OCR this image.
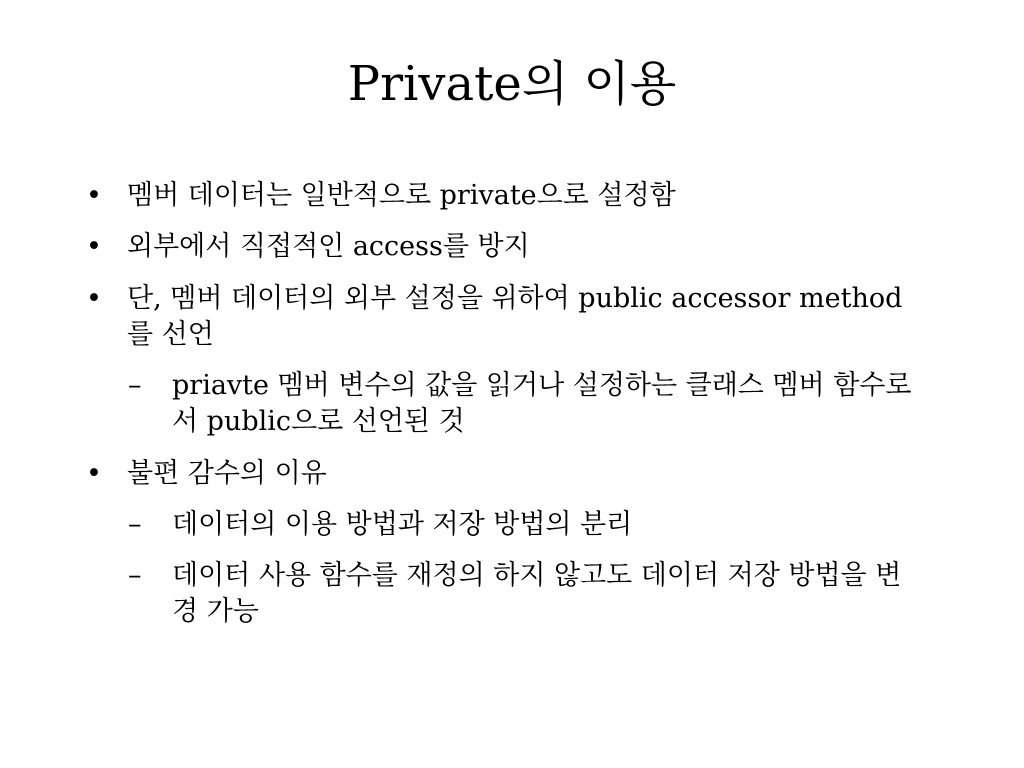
Private의 이용
• 멤버 데이터는 일반적으로 private으로 설정함
• 외부에서 직접적인 access를 방지
• 단, 멤버 데이터의 외부 설정을 위하여 public accessor method를 선언
– priavte 멤버 변수의 값을 읽거나 설정하는 클래스 멤버 함수로서 public으로 선언된 것
• 불편 감수의 이유
– 데이터의 이용 방법과 저장 방법의 분리
– 데이터 사용 함수를 재정의 하지 않고도 데이터 저장 방법을 변경 가능
